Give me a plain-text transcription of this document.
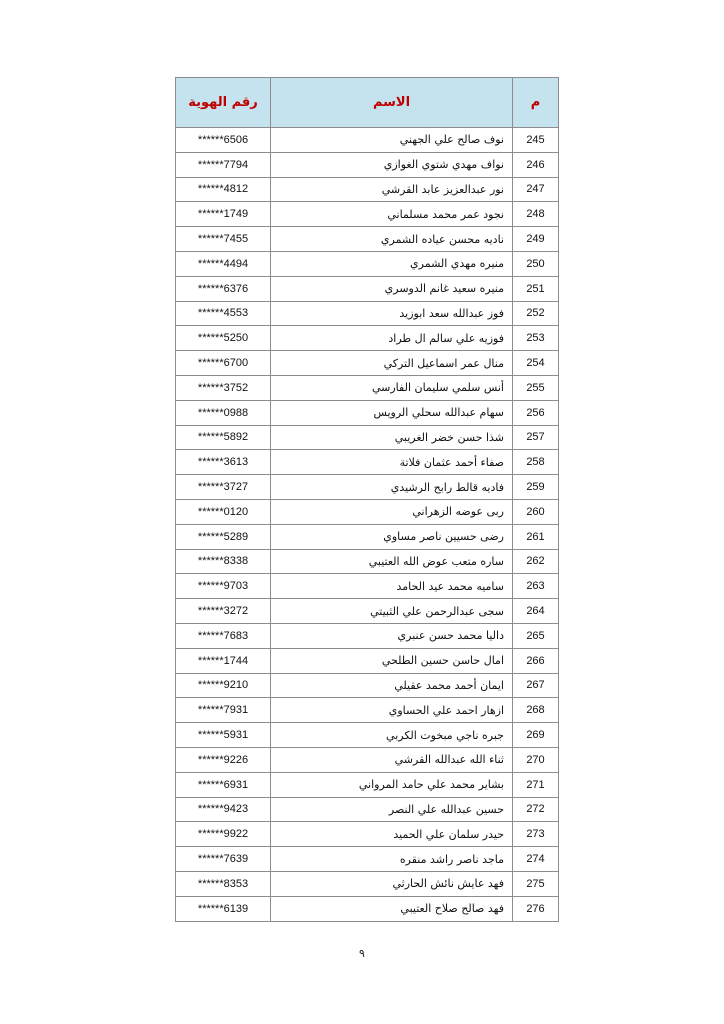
م	الاسم	رقم الهوية
245	نوف صالح علي الجهني	******6506
246	نواف مهدي شتوي الغوازي	******7794
247	نور عبدالعزيز عابد القرشي	******4812
248	نجود عمر محمد مسلماني	******1749
249	ناديه محسن عياده الشمري	******7455
250	منيره مهدي الشمري	******4494
251	منيره سعيد غانم الدوسري	******6376
252	فوز عبدالله سعد ابوزيد	******4553
253	فوزيه علي سالم ال طراد	******5250
254	منال عمر اسماعيل التركي	******6700
255	أنس سلمي سليمان الفارسي	******3752
256	سهام عبدالله سحلي الرويس	******0988
257	شذا حسن خضر الغريبي	******5892
258	صفاء أحمد عثمان فلاتة	******3613
259	فاديه قالط رابح الرشيدي	******3727
260	ربى عوضه الزهراني	******0120
261	رضى حسيين ناصر مساوي	******5289
262	ساره متعب عوض الله العتيبي	******8338
263	ساميه محمد عيد الحامد	******9703
264	سجى عبدالرحمن علي الثبيتي	******3272
265	داليا محمد حسن عنبري	******7683
266	امال حاسن حسين الطلحي	******1744
267	ايمان أحمد محمد عقيلي	******9210
268	ازهار احمد علي الحساوي	******7931
269	جبره ناجي مبخوت الكربي	******5931
270	ثناء الله عبدالله القرشي	******9226
271	بشاير محمد علي حامد المرواني	******6931
272	حسين عبدالله علي النصر	******9423
273	حيدر سلمان علي الحميد	******9922
274	ماجد ناصر راشد منقره	******7639
275	فهد عايش نائش الحارثي	******8353
276	فهد صالح صلاح العتيبي	******6139
٩
